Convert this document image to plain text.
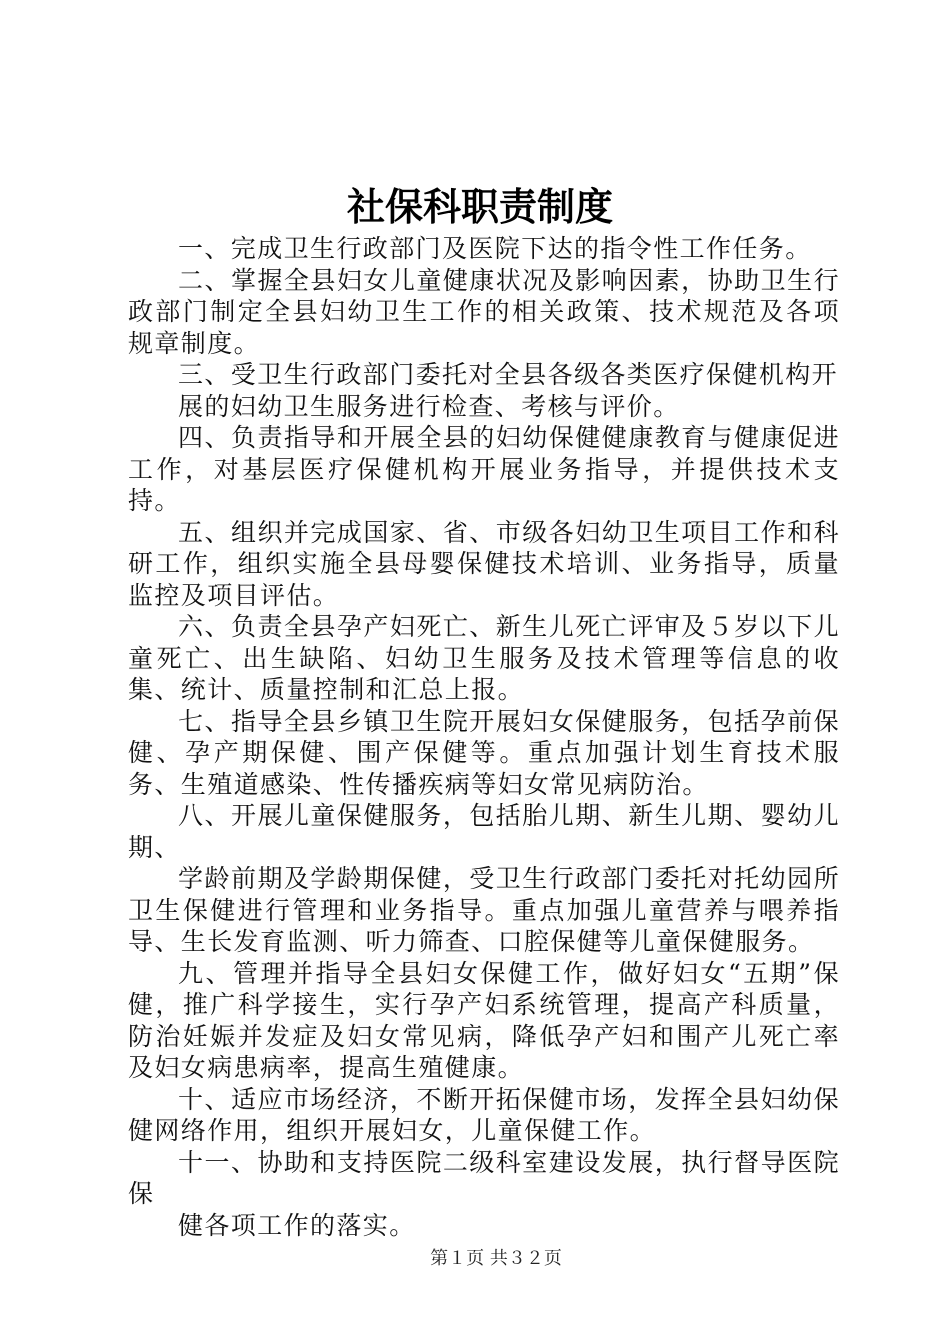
社保科职责制度

一、完成卫生行政部门及医院下达的指令性工作任务。

二、掌握全县妇女儿童健康状况及影响因素，协助卫生行政部门制定全县妇幼卫生工作的相关政策、技术规范及各项规章制度。

三、受卫生行政部门委托对全县各级各类医疗保健机构开

展的妇幼卫生服务进行检查、考核与评价。

四、负责指导和开展全县的妇幼保健健康教育与健康促进工作，对基层医疗保健机构开展业务指导，并提供技术支持。

五、组织并完成国家、省、市级各妇幼卫生项目工作和科研工作，组织实施全县母婴保健技术培训、业务指导，质量监控及项目评估。

六、负责全县孕产妇死亡、新生儿死亡评审及５岁以下儿童死亡、出生缺陷、妇幼卫生服务及技术管理等信息的收集、统计、质量控制和汇总上报。

七、指导全县乡镇卫生院开展妇女保健服务，包括孕前保健、孕产期保健、围产保健等。重点加强计划生育技术服务、生殖道感染、性传播疾病等妇女常见病防治。

八、开展儿童保健服务，包括胎儿期、新生儿期、婴幼儿期、

学龄前期及学龄期保健，受卫生行政部门委托对托幼园所卫生保健进行管理和业务指导。重点加强儿童营养与喂养指导、生长发育监测、听力筛查、口腔保健等儿童保健服务。

九、管理并指导全县妇女保健工作，做好妇女“五期”保健，推广科学接生，实行孕产妇系统管理，提高产科质量，防治妊娠并发症及妇女常见病，降低孕产妇和围产儿死亡率及妇女病患病率，提高生殖健康。

十、适应市场经济，不断开拓保健市场，发挥全县妇幼保健网络作用，组织开展妇女，儿童保健工作。

十一、协助和支持医院二级科室建设发展，执行督导医院保

健各项工作的落实。

第１页 共３２页
